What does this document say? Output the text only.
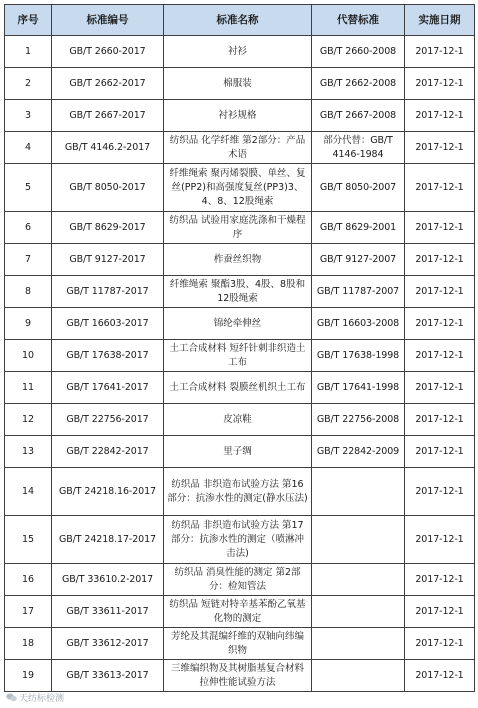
序号	标准编号	标准名称	代替标准	实施日期
1	GB/T 2660-2017	衬衫	GB/T 2660-2008	2017-12-1
2	GB/T 2662-2017	棉服装	GB/T 2662-2008	2017-12-1
3	GB/T 2667-2017	衬衫规格	GB/T 2667-2008	2017-12-1
4	GB/T 4146.2-2017	纺织品 化学纤维 第2部分：产品术语	部分代替：GB/T 4146-1984	2017-12-1
5	GB/T 8050-2017	纤维绳索 聚丙烯裂膜、单丝、复丝(PP2)和高强度复丝(PP3)3、4、8、12股绳索	GB/T 8050-2007	2017-12-1
6	GB/T 8629-2017	纺织品 试验用家庭洗涤和干燥程序	GB/T 8629-2001	2017-12-1
7	GB/T 9127-2017	柞蚕丝织物	GB/T 9127-2007	2017-12-1
8	GB/T 11787-2017	纤维绳索 聚酯3股、4股、8股和12股绳索	GB/T 11787-2007	2017-12-1
9	GB/T 16603-2017	锦纶牵伸丝	GB/T 16603-2008	2017-12-1
10	GB/T 17638-2017	土工合成材料 短纤针刺非织造土工布	GB/T 17638-1998	2017-12-1
11	GB/T 17641-2017	土工合成材料 裂膜丝机织土工布	GB/T 17641-1998	2017-12-1
12	GB/T 22756-2017	皮凉鞋	GB/T 22756-2008	2017-12-1
13	GB/T 22842-2017	里子绸	GB/T 22842-2009	2017-12-1
14	GB/T 24218.16-2017	纺织品 非织造布试验方法 第16部分：抗渗水性的测定(静水压法)		2017-12-1
15	GB/T 24218.17-2017	纺织品 非织造布试验方法 第17部分：抗渗水性的测定（喷淋冲击法)		2017-12-1
16	GB/T 33610.2-2017	纺织品 消臭性能的测定 第2部分：检知管法		2017-12-1
17	GB/T 33611-2017	纺织品 短链对特辛基苯酚乙氧基化物的测定		2017-12-1
18	GB/T 33612-2017	芳纶及其混编纤维的双轴向纬编织物		2017-12-1
19	GB/T 33613-2017	三维编织物及其树脂基复合材料拉伸性能试验方法		2017-12-1
天纺标检测
